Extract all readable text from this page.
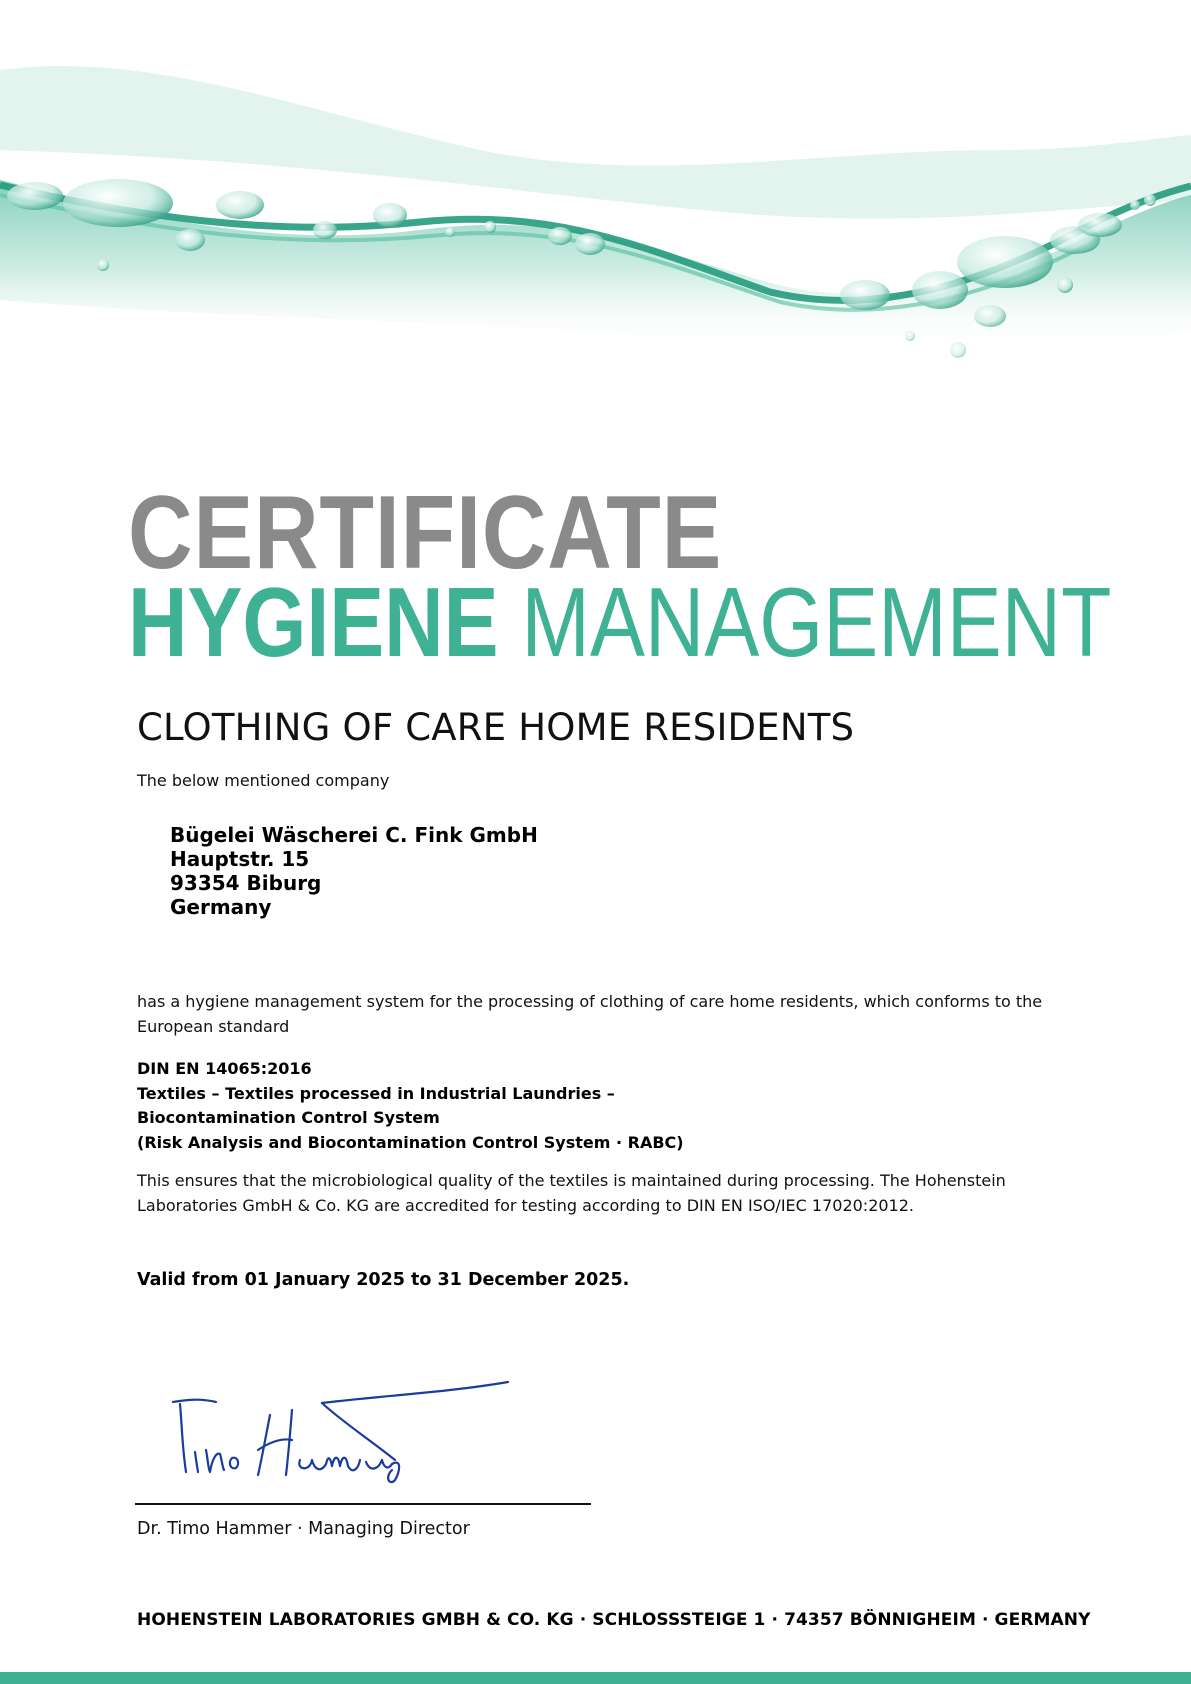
CERTIFICATE
HYGIENE MANAGEMENT
CLOTHING OF CARE HOME RESIDENTS
The below mentioned company
Bügelei Wäscherei C. Fink GmbH
Hauptstr. 15
93354 Biburg
Germany
has a hygiene management system for the processing of clothing of care home residents, which conforms to the European standard
DIN EN 14065:2016
Textiles – Textiles processed in Industrial Laundries –
Biocontamination Control System
(Risk Analysis and Biocontamination Control System · RABC)
This ensures that the microbiological quality of the textiles is maintained during processing. The Hohenstein Laboratories GmbH & Co. KG are accredited for testing according to DIN EN ISO/IEC 17020:2012.
Valid from 01 January 2025 to 31 December 2025.
Dr. Timo Hammer · Managing Director
HOHENSTEIN LABORATORIES GMBH & CO. KG · SCHLOSSSTEIGE 1 · 74357 BÖNNIGHEIM · GERMANY
